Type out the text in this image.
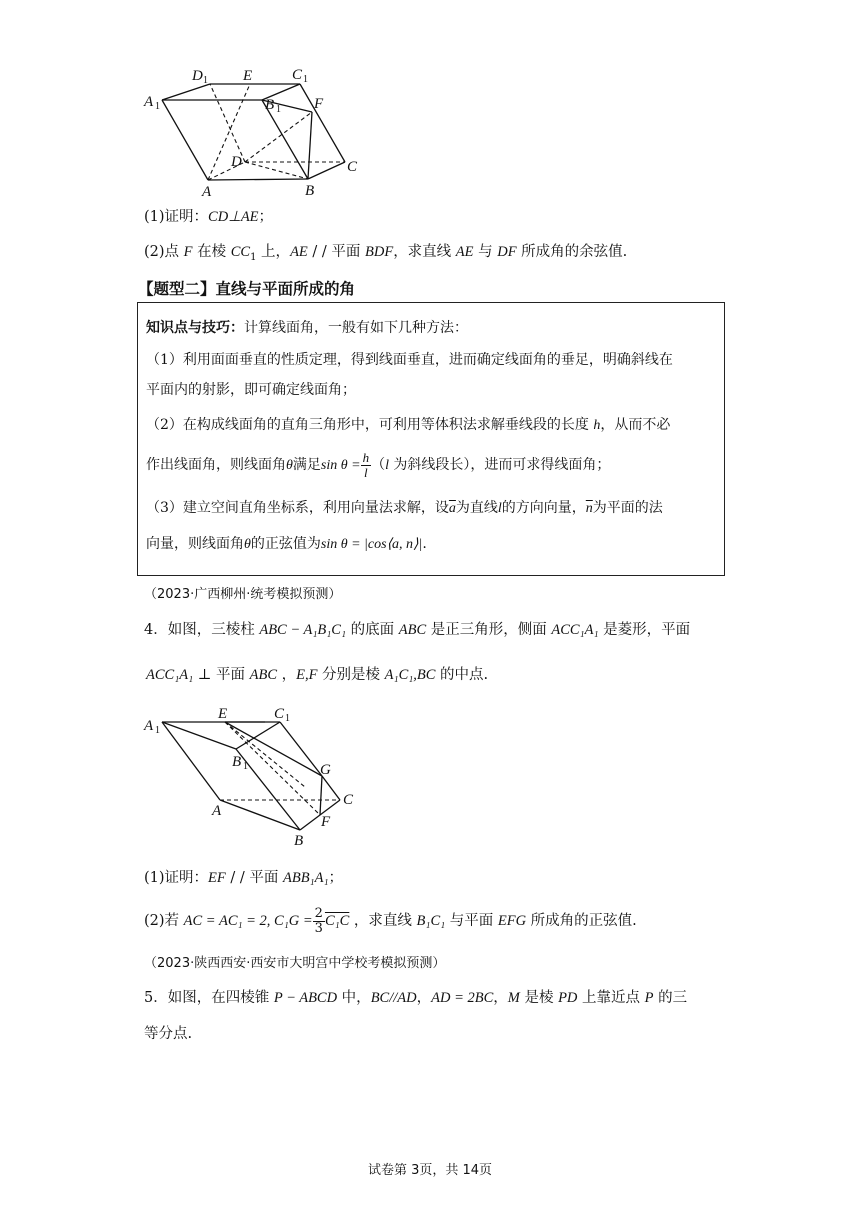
D 1 E	C 1
A 1	B 1 F
D	C
A	B
(1)证明：CD⊥AE；
(2)点 F 在棱 $CC_1$ 上，AE / / 平面 BDF，求直线 AE 与 DF 所成角的余弦值.
【题型二】直线与平面所成的角
知识点与技巧：计算线面角，一般有如下几种方法：
（1）利用面面垂直的性质定理，得到线面垂直，进而确定线面角的垂足，明确斜线在
平面内的射影，即可确定线面角；
（2）在构成线面角的直角三角形中，可利用等体积法求解垂线段的长度 h，从而不必
作出线面角，则线面角θ满足$\sin \theta = \frac{h}{l} (l$ 为斜线段长），进而可求得线面角；
（3）建立空间直角坐标系，利用向量法求解，设$\overline{a}$为直线l的方向向量，$\overline{n}$为平面的法
向量，则线面角θ的正弦值为sin θ = |cos⟨a, n⟩|.
（2023·广西柳州·统考模拟预测）
4．如图，三棱柱 ABC − A₁B₁C₁ 的底面 ABC 是正三角形，侧面 ACC₁A₁ 是菱形，平面
ACC₁A₁ ⊥ 平面 ABC ，E,F 分别是棱 A₁C₁,BC 的中点.
A 1
E	C 1
B 1	G
A
C
F
B
(1)证明：EF / / 平面 ABB₁A₁；
(2)若 AC = AC₁ = 2, $C_1G = \frac{2}{3} C_1C$ ，求直线 B₁C₁ 与平面 EFG 所成角的正弦值.
（2023·陕西西安·西安市大明宫中学校考模拟预测）
5．如图，在四棱锥 P − ABCD 中，BC//AD，AD = 2BC，M 是棱 PD 上靠近点 P 的三
等分点.
试卷第 3页，共 14页
